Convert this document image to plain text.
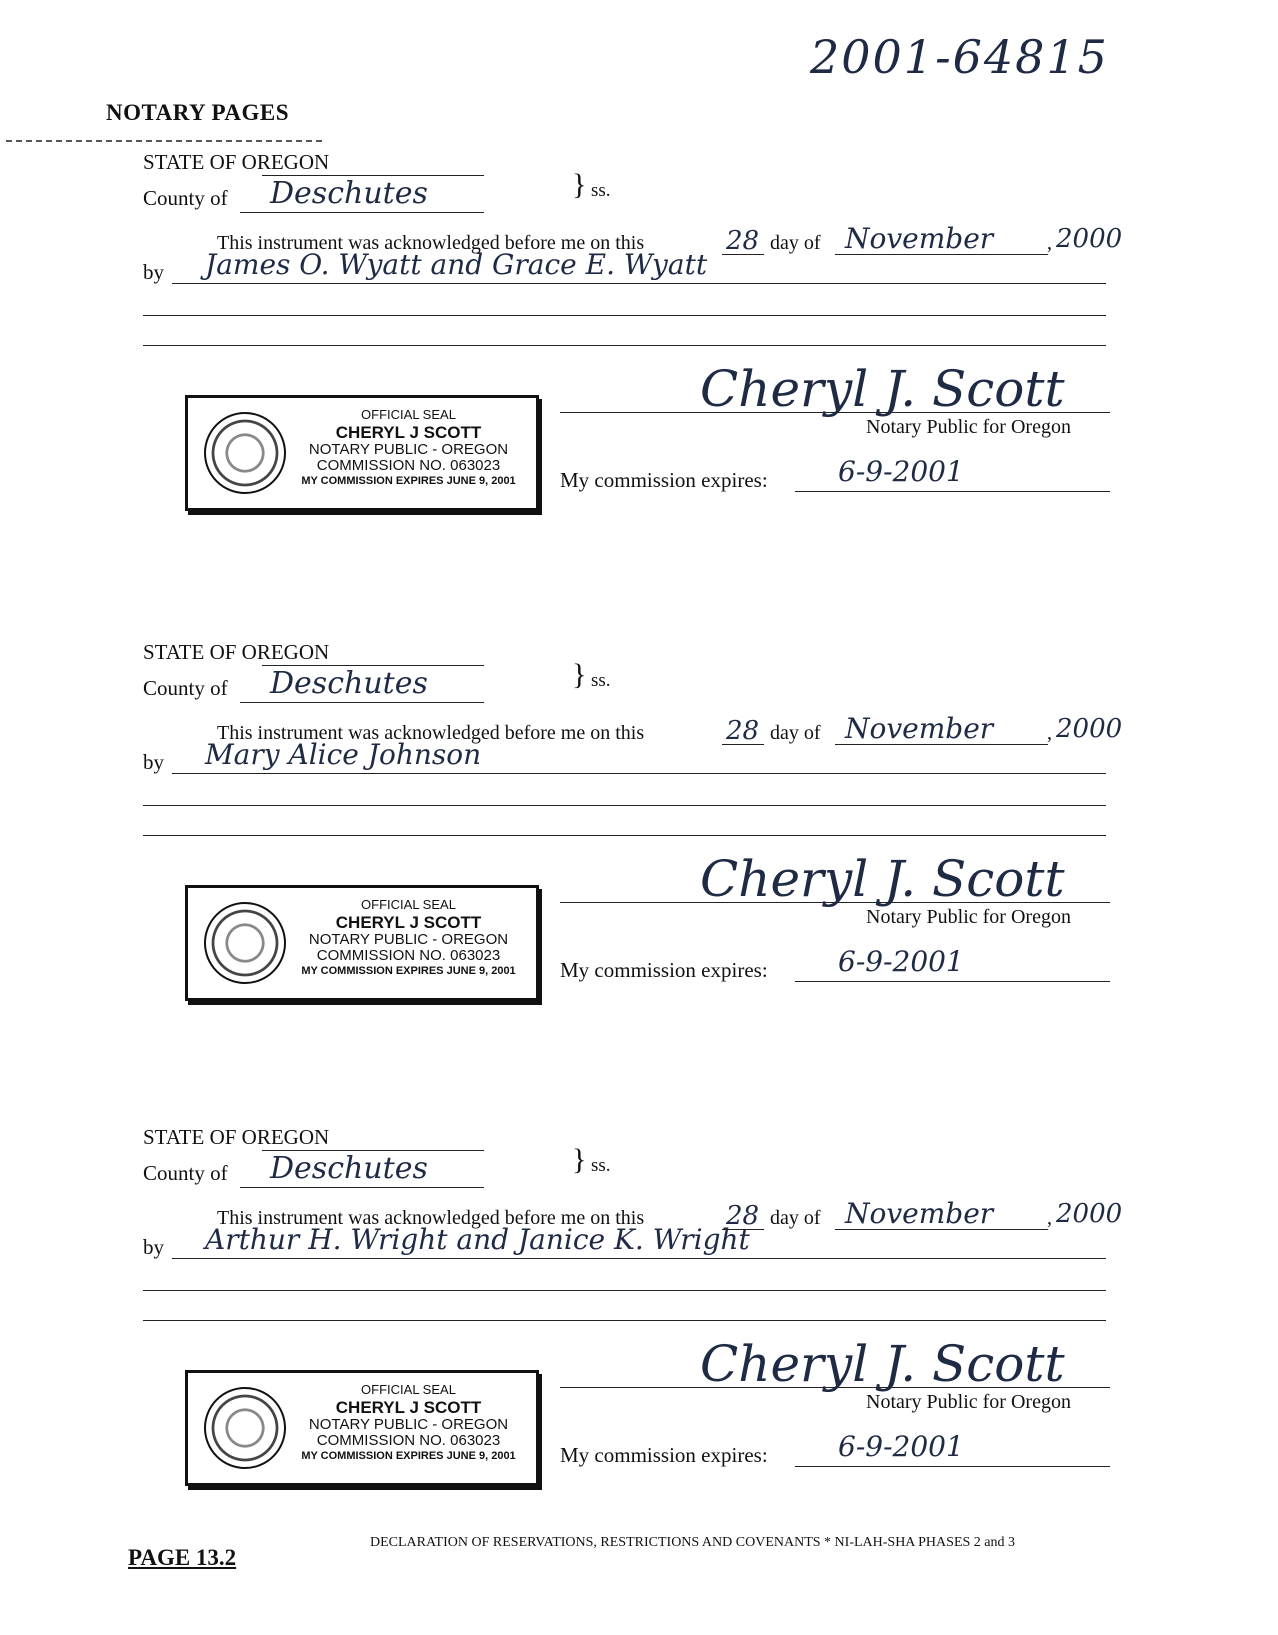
2001-64815
NOTARY PAGES
STATE OF OREGON
County of Deschutes	} ss.
This instrument was acknowledged before me on this	28 day of November	, 2000
by James O. Wyatt and Grace E. Wyatt
OFFICIAL SEAL
CHERYL J SCOTT
NOTARY PUBLIC - OREGON
COMMISSION NO. 063023
MY COMMISSION EXPIRES JUNE 9, 2001
Cheryl J. Scott
Notary Public for Oregon
My commission expires:	6-9-2001
STATE OF OREGON
County of Deschutes	} ss.
This instrument was acknowledged before me on this	28 day of November	, 2000
by Mary Alice Johnson
OFFICIAL SEAL
CHERYL J SCOTT
NOTARY PUBLIC - OREGON
COMMISSION NO. 063023
MY COMMISSION EXPIRES JUNE 9, 2001
Cheryl J. Scott
Notary Public for Oregon
My commission expires:	6-9-2001
STATE OF OREGON
County of Deschutes	} ss.
This instrument was acknowledged before me on this	28 day of November	, 2000
by Arthur H. Wright and Janice K. Wright
OFFICIAL SEAL
CHERYL J SCOTT
NOTARY PUBLIC - OREGON
COMMISSION NO. 063023
MY COMMISSION EXPIRES JUNE 9, 2001
Cheryl J. Scott
Notary Public for Oregon
My commission expires:	6-9-2001
PAGE 13.2
DECLARATION OF RESERVATIONS, RESTRICTIONS AND COVENANTS * NI-LAH-SHA PHASES 2 and 3
